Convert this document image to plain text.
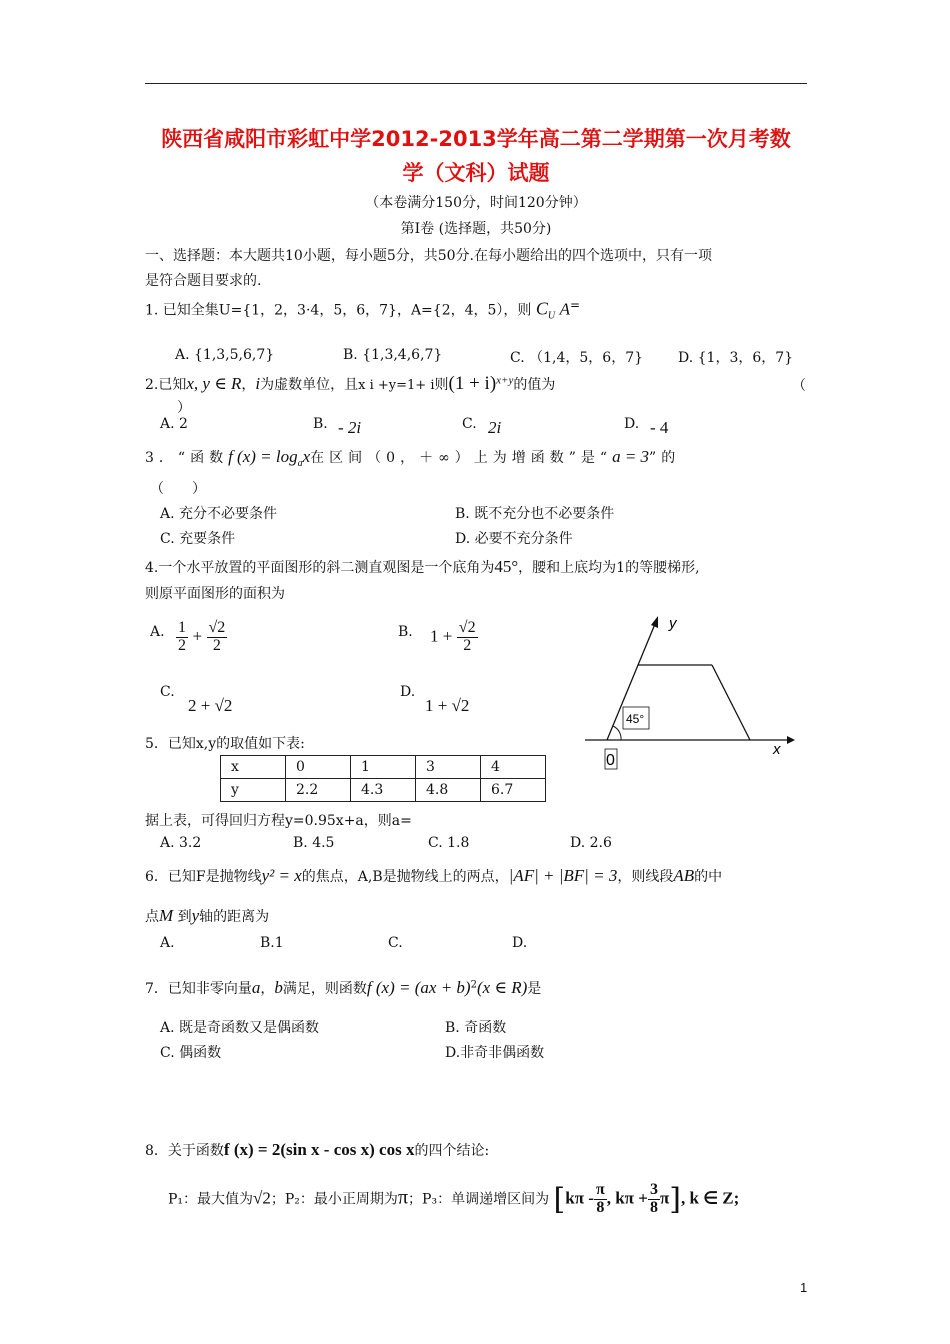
陕西省咸阳市彩虹中学2012-2013学年高二第二学期第一次月考数
学（文科）试题
（本卷满分150分，时间120分钟）
第Ⅰ卷 (选择题，共50分)
一、选择题：本大题共10小题，每小题5分，共50分.在每小题给出的四个选项中，只有一项
是符合题目要求的.
1. 已知全集U={1，2，3·4，5，6，7}，A={2，4，5），则 $C_U$ A=
A. {1,3,5,6,7}	B. {1,3,4,6,7}	C. （1,4，5，6，7} D. {1，3，6，7}
2.已知x, y ∈ R，i为虚数单位，且x i +y=1+ i则$(1 + i)^{x+y}$的值为	（
）
A. 2	B. - 2i	C. 2i	D. - 4
3．“函数f $(x) = \log_ax$在区间（0，＋∞）上为增函数”是“a = 3”的
（　　）
A. 充分不必要条件	B. 既不充分也不必要条件
C. 充要条件	D. 必要不充分条件
4.一个水平放置的平面图形的斜二测直观图是一个底角为45°，腰和上底均为1的等腰梯形,
则原平面图形的面积为
A. $\frac{1}{2} + \frac{√2}{2}$	B. $1 + \frac{√2}{2}$
C.
2 + √2
D.
1 + √2
45°
y
x
0
5．已知x,y的取值如下表:
x	0	1	3	4
y	2.2	4.3	4.8	6.7
据上表，可得回归方程y=0.95x+a，则a=
A. 3.2	B. 4.5	C. 1.8	D. 2.6
6．已知F是抛物线y² = x的焦点，A,B是抛物线上的两点，|AF| + |BF| = 3，则线段AB的中
点M 到y轴的距离为
A.	B.1	C.	D.
7．已知非零向量a，b满足，则函数f (x) = (ax + b)$^2$(x ∈ R)是
A. 既是奇函数又是偶函数	B. 奇函数
C. 偶函数	D.非奇非偶函数
8．关于函数f (x) = 2(sin x - cos x) cos x的四个结论:
P₁：最大值为√2；P₂：最小正周期为π；P₃：单调递增区间为 [$k\pi - \frac{\pi}{8}$ , $k\pi + \frac{3}{8} \pi$], k ∈ Z;
1
